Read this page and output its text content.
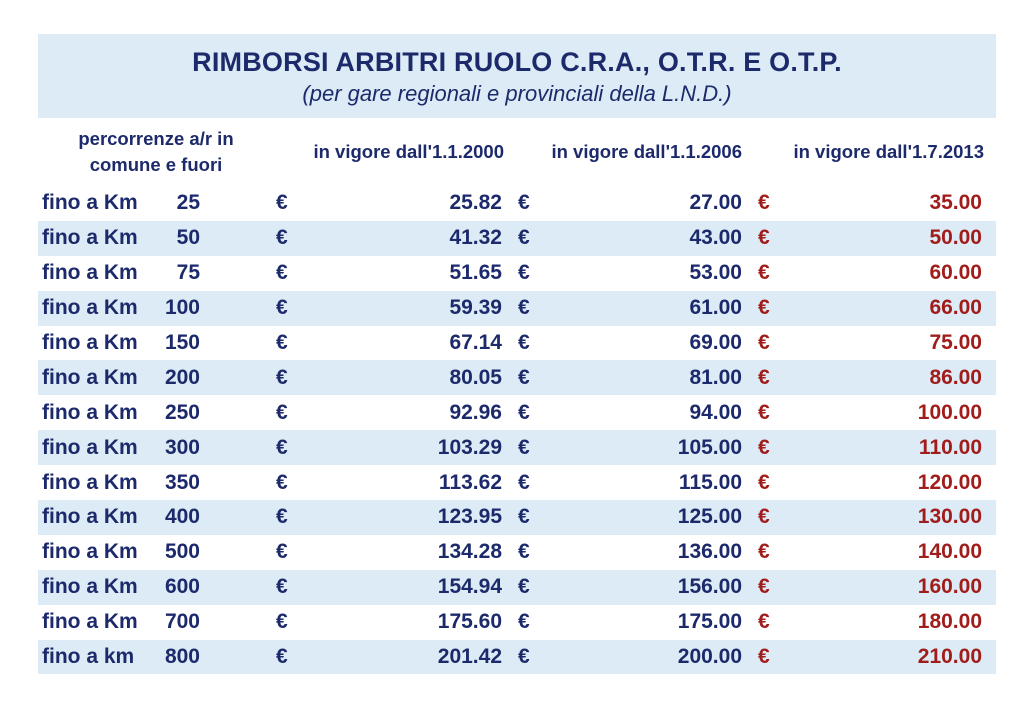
RIMBORSI ARBITRI RUOLO C.R.A., O.T.R. E O.T.P.
(per gare regionali e provinciali della L.N.D.)
percorrenze a/r in
comune e fuori	in vigore dall'1.1.2000	in vigore dall'1.1.2006	in vigore dall'1.7.2013
fino a Km 25	€ 25.82	€ 27.00	€ 35.00

fino a Km 50	€ 41.32	€ 43.00	€ 50.00

fino a Km 75	€ 51.65	€ 53.00	€ 60.00

fino a Km 100	€ 59.39	€ 61.00	€ 66.00

fino a Km 150	€ 67.14	€ 69.00	€ 75.00

fino a Km 200	€ 80.05	€ 81.00	€ 86.00

fino a Km 250	€ 92.96	€ 94.00	€ 100.00

fino a Km 300	€ 103.29	€ 105.00	€ 110.00

fino a Km 350	€ 113.62	€ 115.00	€ 120.00

fino a Km 400	€ 123.95	€ 125.00	€ 130.00

fino a Km 500	€ 134.28	€ 136.00	€ 140.00

fino a Km 600	€ 154.94	€ 156.00	€ 160.00

fino a Km 700	€ 175.60	€ 175.00	€ 180.00

fino a km 800	€ 201.42	€ 200.00	€ 210.00
